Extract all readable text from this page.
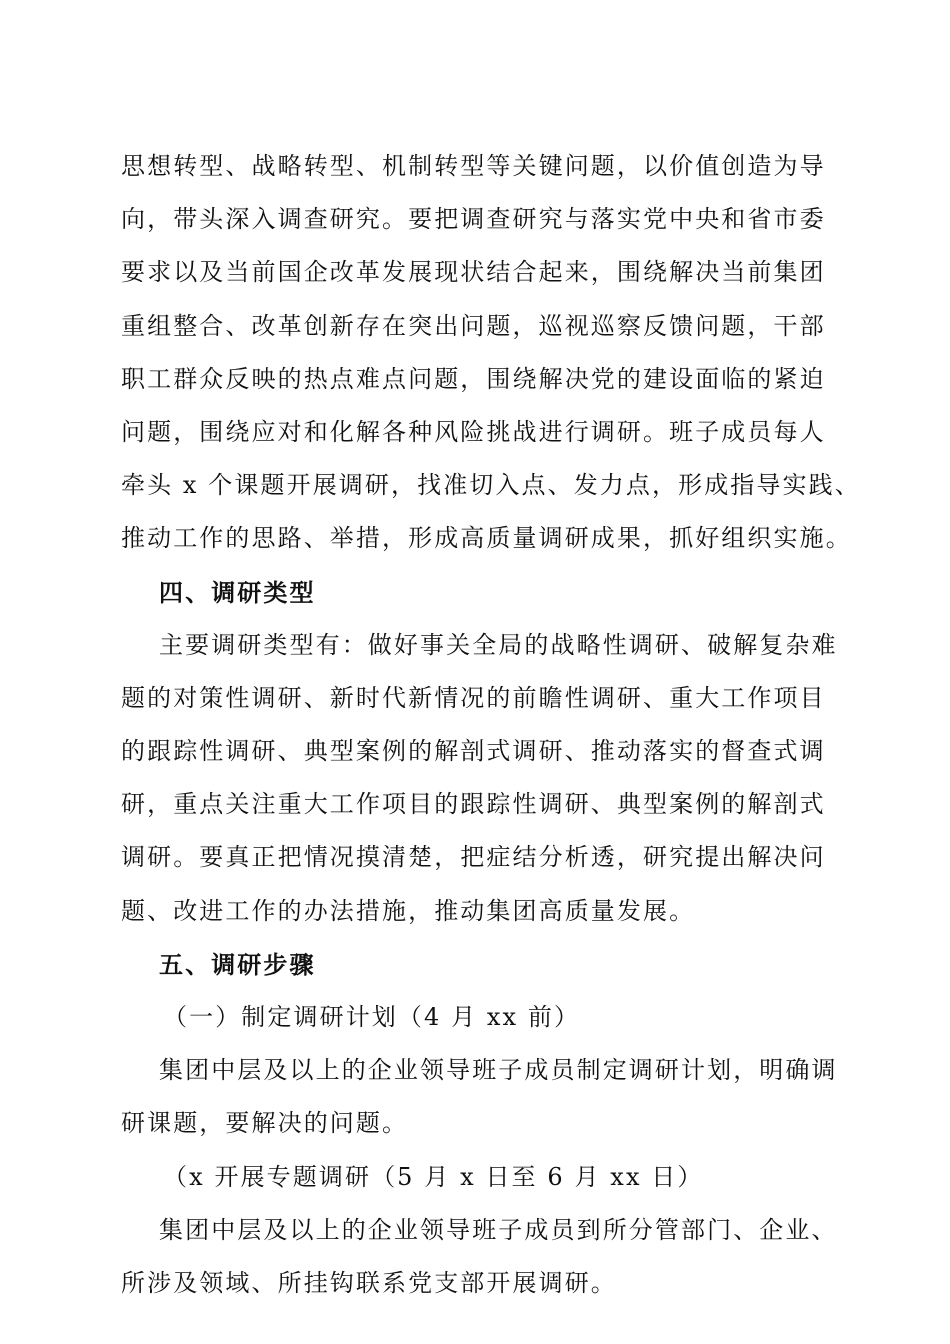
思想转型、战略转型、机制转型等关键问题，以价值创造为导
向，带头深入调查研究。要把调查研究与落实党中央和省市委
要求以及当前国企改革发展现状结合起来，围绕解决当前集团
重组整合、改革创新存在突出问题，巡视巡察反馈问题，干部
职工群众反映的热点难点问题，围绕解决党的建设面临的紧迫
问题，围绕应对和化解各种风险挑战进行调研。班子成员每人
牵头 x 个课题开展调研，找准切入点、发力点，形成指导实践、
推动工作的思路、举措，形成高质量调研成果，抓好组织实施。
四、调研类型
主要调研类型有：做好事关全局的战略性调研、破解复杂难
题的对策性调研、新时代新情况的前瞻性调研、重大工作项目
的跟踪性调研、典型案例的解剖式调研、推动落实的督查式调
研，重点关注重大工作项目的跟踪性调研、典型案例的解剖式
调研。要真正把情况摸清楚，把症结分析透，研究提出解决问
题、改进工作的办法措施，推动集团高质量发展。
五、调研步骤
（一）制定调研计划（4 月 xx 前）
集团中层及以上的企业领导班子成员制定调研计划，明确调
研课题，要解决的问题。
（x 开展专题调研（5 月 x 日至 6 月 xx 日）
集团中层及以上的企业领导班子成员到所分管部门、企业、
所涉及领域、所挂钩联系党支部开展调研。
